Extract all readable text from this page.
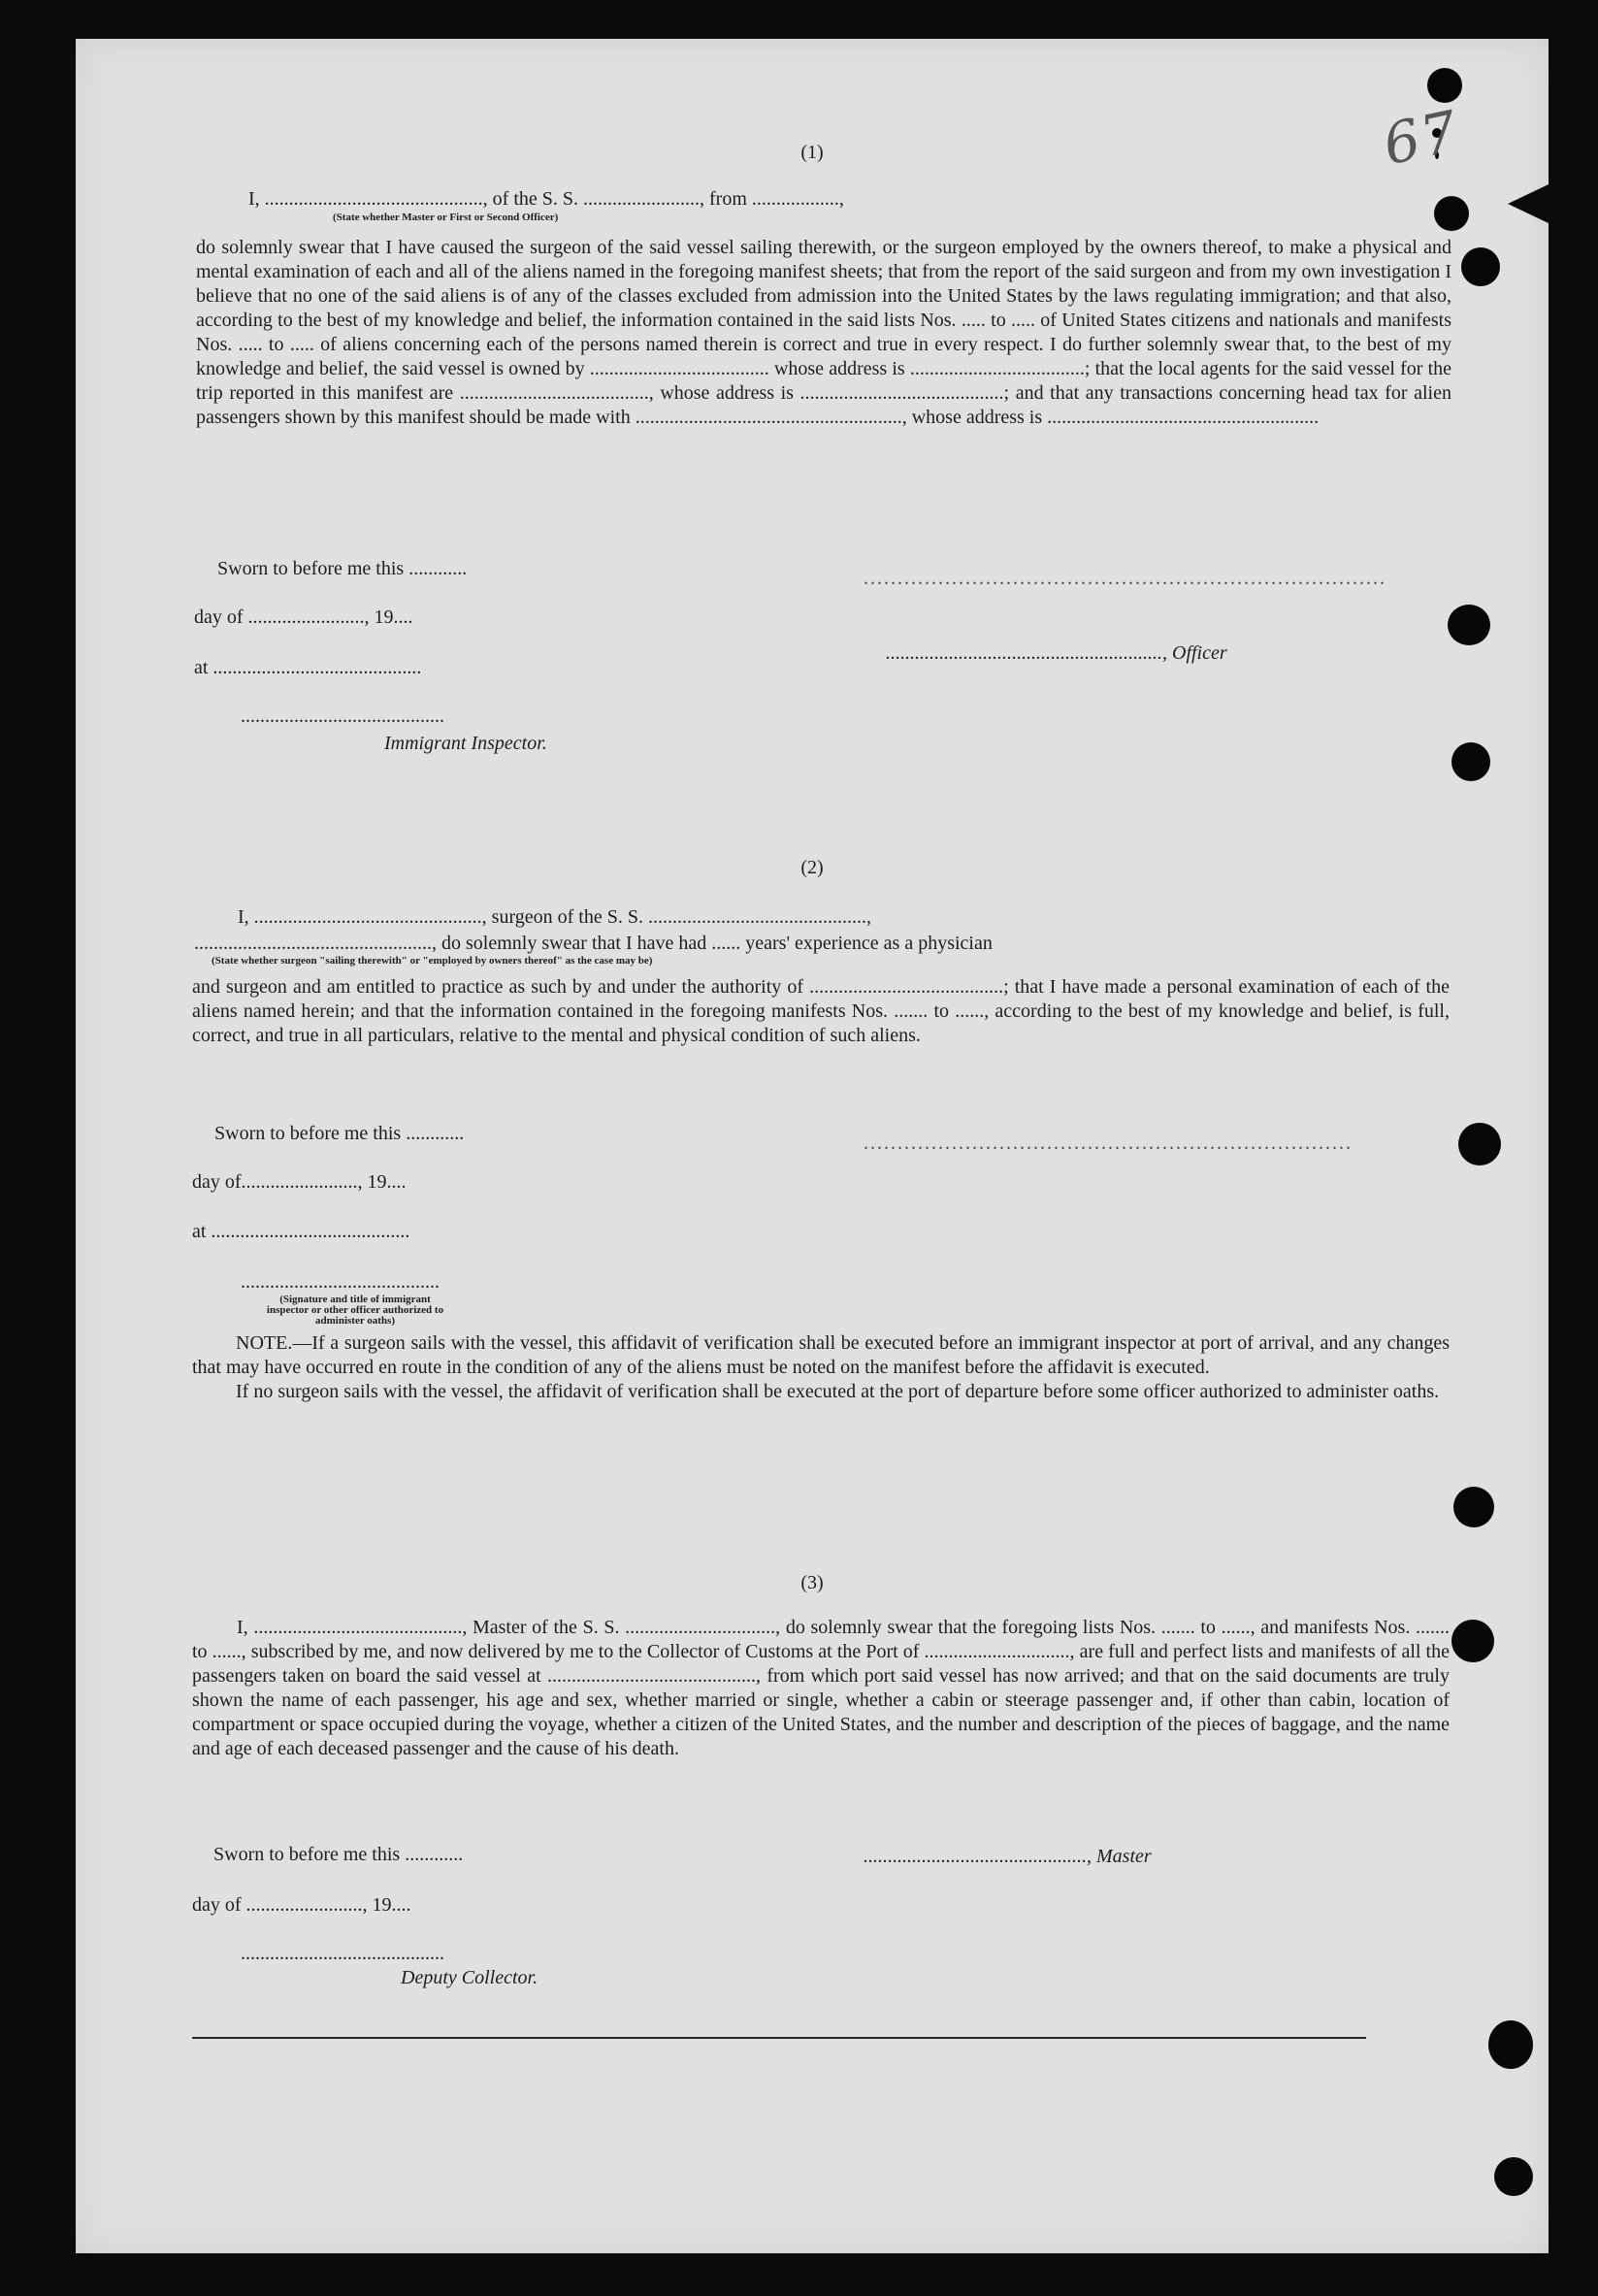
67
(1)
I, ............................................., of the S. S. ........................, from ..................,
(State whether Master or First or Second Officer)

do solemnly swear that I have caused the surgeon of the said vessel sailing therewith, or the surgeon employed by the owners thereof, to make a physical and mental examination of each and all of the aliens named in the foregoing manifest sheets; that from the report of the said surgeon and from my own investigation I believe that no one of the said aliens is of any of the classes excluded from admission into the United States by the laws regulating immigration; and that also, according to the best of my knowledge and belief, the information contained in the said lists Nos. ..... to ..... of United States citizens and nationals and manifests Nos. ..... to ..... of aliens concerning each of the persons named therein is correct and true in every respect. I do further solemnly swear that, to the best of my knowledge and belief, the said vessel is owned by ..................................... whose address is ....................................; that the local agents for the said vessel for the trip reported in this manifest are ......................................., whose address is ..........................................; and that any transactions concerning head tax for alien passengers shown by this manifest should be made with ......................................................., whose address is ........................................................

Sworn to before me this ............	.............................................................................
day of ........................, 19....
........................................................., Officer
at ...........................................
..........................................
Immigrant Inspector.
(2)
I, ..............................................., surgeon of the S. S. .............................................,
................................................., do solemnly swear that I have had ...... years' experience as a physician
(State whether surgeon "sailing therewith" or "employed by owners thereof" as the case may be)

and surgeon and am entitled to practice as such by and under the authority of ........................................; that I have made a personal examination of each of the aliens named herein; and that the information contained in the foregoing manifests Nos. ....... to ......, according to the best of my knowledge and belief, is full, correct, and true in all particulars, relative to the mental and physical condition of such aliens.

Sworn to before me this ............	........................................................................
day of........................, 19....
at .........................................
.........................................
(Signature and title of immigrant inspector or other officer authorized to administer oaths)

NOTE.—If a surgeon sails with the vessel, this affidavit of verification shall be executed before an immigrant inspector at port of arrival, and any changes that may have occurred en route in the condition of any of the aliens must be noted on the manifest before the affidavit is executed.

If no surgeon sails with the vessel, the affidavit of verification shall be executed at the port of departure before some officer authorized to administer oaths.

(3)

I, ..........................................., Master of the S. S. ..............................., do solemnly swear that the foregoing lists Nos. ....... to ......, and manifests Nos. ....... to ......, subscribed by me, and now delivered by me to the Collector of Customs at the Port of .............................., are full and perfect lists and manifests of all the passengers taken on board the said vessel at ..........................................., from which port said vessel has now arrived; and that on the said documents are truly shown the name of each passenger, his age and sex, whether married or single, whether a cabin or steerage passenger and, if other than cabin, location of compartment or space occupied during the voyage, whether a citizen of the United States, and the number and description of the pieces of baggage, and the name and age of each deceased passenger and the cause of his death.

Sworn to before me this ............	.............................................., Master
day of ........................, 19....
..........................................
Deputy Collector.
